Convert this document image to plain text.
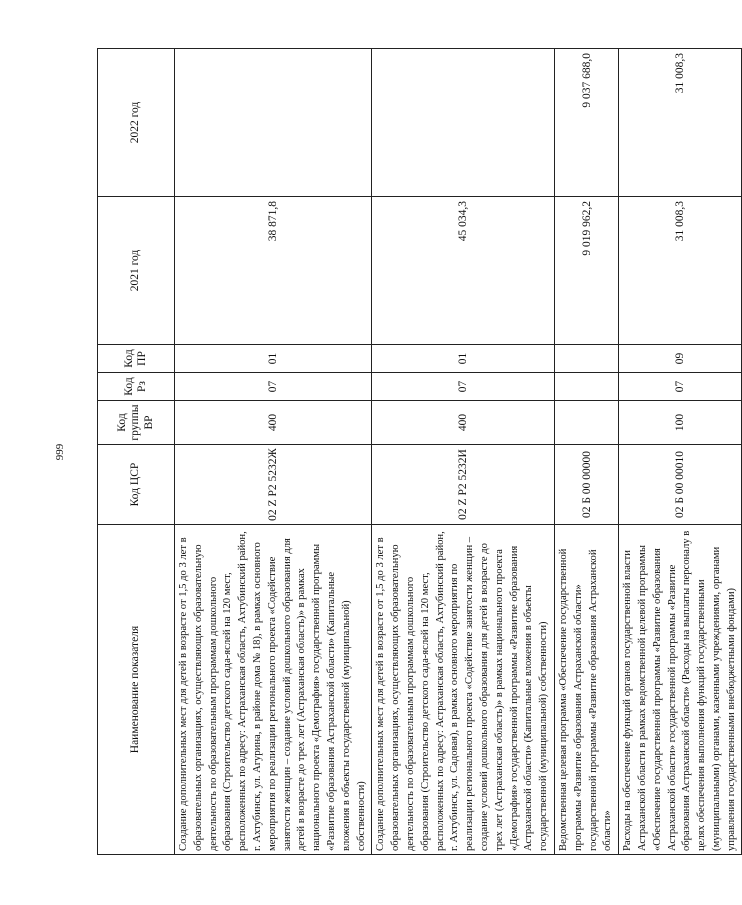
999
Наименование показателя	Код ЦСР	Код группы ВР	Код Рз	Код ПР	2021 год	2022 год
Создание дополнительных мест для детей в возрасте от 1,5 до 3 лет в образовательных организациях, осуществляющих образовательную деятельность по образовательным программам дошкольного образования (Строительство детского сада-яслей на 120 мест, расположенных по адресу: Астраханская область, Ахтубинский район, г. Ахтубинск, ул. Агурина, в районе дома № 18), в рамках основного мероприятия по реализации регионального проекта «Содействие занятости женщин – создание условий дошкольного образования для детей в возрасте до трех лет (Астраханская область)» в рамках национального проекта «Демография» государственной программы «Развитие образования Астраханской области» (Капитальные вложения в объекты государственной (муниципальной) собственности)	02 Z P2 5232Ж	400	07	01	38 871,8	
Создание дополнительных мест для детей в возрасте от 1,5 до 3 лет в образовательных организациях, осуществляющих образовательную деятельность по образовательным программам дошкольного образования (Строительство детского сада-яслей на 120 мест, расположенных по адресу: Астраханская область, Ахтубинский район, г. Ахтубинск, ул. Садовая), в рамках основного мероприятия по реализации регионального проекта «Содействие занятости женщин – создание условий дошкольного образования для детей в возрасте до трех лет (Астраханская область)» в рамках национального проекта «Демография» государственной программы «Развитие образования Астраханской области» (Капитальные вложения в объекты государственной (муниципальной) собственности)	02 Z P2 5232И	400	07	01	45 034,3	
Ведомственная целевая программа «Обеспечение государственной программы «Развитие образования Астраханской области» государственной программы «Развитие образования Астраханской области»	02 Б 00 00000				9 019 962,2	9 037 688,0
Расходы на обеспечение функций органов государственной власти Астраханской области в рамках ведомственной целевой программы «Обеспечение государственной программы «Развитие образования Астраханской области» государственной программы «Развитие образования Астраханской области» (Расходы на выплаты персоналу в целях обеспечения выполнения функций государственными (муниципальными) органами, казенными учреждениями, органами управления государственными внебюджетными фондами)	02 Б 00 00010	100	07	09	31 008,3	31 008,3
